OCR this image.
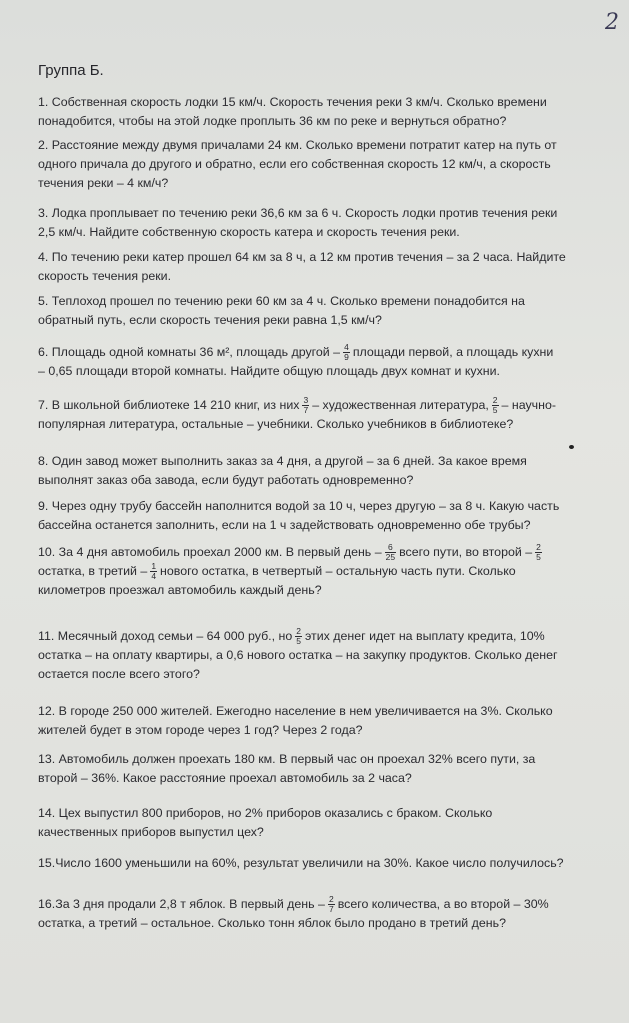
2
Группа Б.
1. Собственная скорость лодки 15 км/ч. Скорость течения реки 3 км/ч. Сколько времени
понадобится, чтобы на этой лодке проплыть 36 км по реке и вернуться обратно?
2. Расстояние между двумя причалами 24 км. Сколько времени потратит катер на путь от
одного причала до другого и обратно, если его собственная скорость 12 км/ч, а скорость
течения реки – 4 км/ч?
3. Лодка проплывает по течению реки 36,6 км за 6 ч. Скорость лодки против течения реки
2,5 км/ч. Найдите собственную скорость катера и скорость течения реки.
4. По течению реки катер прошел 64 км за 8 ч, а 12 км против течения – за 2 часа. Найдите
скорость течения реки.
5. Теплоход прошел по течению реки 60 км за 4 ч. Сколько времени понадобится на
обратный путь, если скорость течения реки равна 1,5 км/ч?
6. Площадь одной комнаты 36 м², площадь другой – $\frac{4}{9}$ площади первой, а площадь кухни
– 0,65 площади второй комнаты. Найдите общую площадь двух комнат и кухни.
7. В школьной библиотеке 14 210 книг, из них $\frac{3}{7}$ – художественная литература, $\frac{2}{5}$ – научно-
популярная литература, остальные – учебники. Сколько учебников в библиотеке?
8. Один завод может выполнить заказ за 4 дня, а другой – за 6 дней. За какое время
выполнят заказ оба завода, если будут работать одновременно?
9. Через одну трубу бассейн наполнится водой за 10 ч, через другую – за 8 ч. Какую часть
бассейна останется заполнить, если на 1 ч задействовать одновременно обе трубы?
10. За 4 дня автомобиль проехал 2000 км. В первый день – $\frac{6}{25}$ всего пути, во второй – $\frac{2}{5}$
остатка, в третий – $\frac{1}{4}$ нового остатка, в четвертый – остальную часть пути. Сколько
километров проезжал автомобиль каждый день?
11. Месячный доход семьи – 64 000 руб., но $\frac{2}{5}$ этих денег идет на выплату кредита, 10%
остатка – на оплату квартиры, а 0,6 нового остатка – на закупку продуктов. Сколько денег
остается после всего этого?
12. В городе 250 000 жителей. Ежегодно население в нем увеличивается на 3%. Сколько
жителей будет в этом городе через 1 год? Через 2 года?
13. Автомобиль должен проехать 180 км. В первый час он проехал 32% всего пути, за
второй – 36%. Какое расстояние проехал автомобиль за 2 часа?
14. Цех выпустил 800 приборов, но 2% приборов оказались с браком. Сколько
качественных приборов выпустил цех?
15.Число 1600 уменьшили на 60%, результат увеличили на 30%. Какое число получилось?
16.За 3 дня продали 2,8 т яблок. В первый день – $\frac{2}{7}$ всего количества, а во второй – 30%
остатка, а третий – остальное. Сколько тонн яблок было продано в третий день?
